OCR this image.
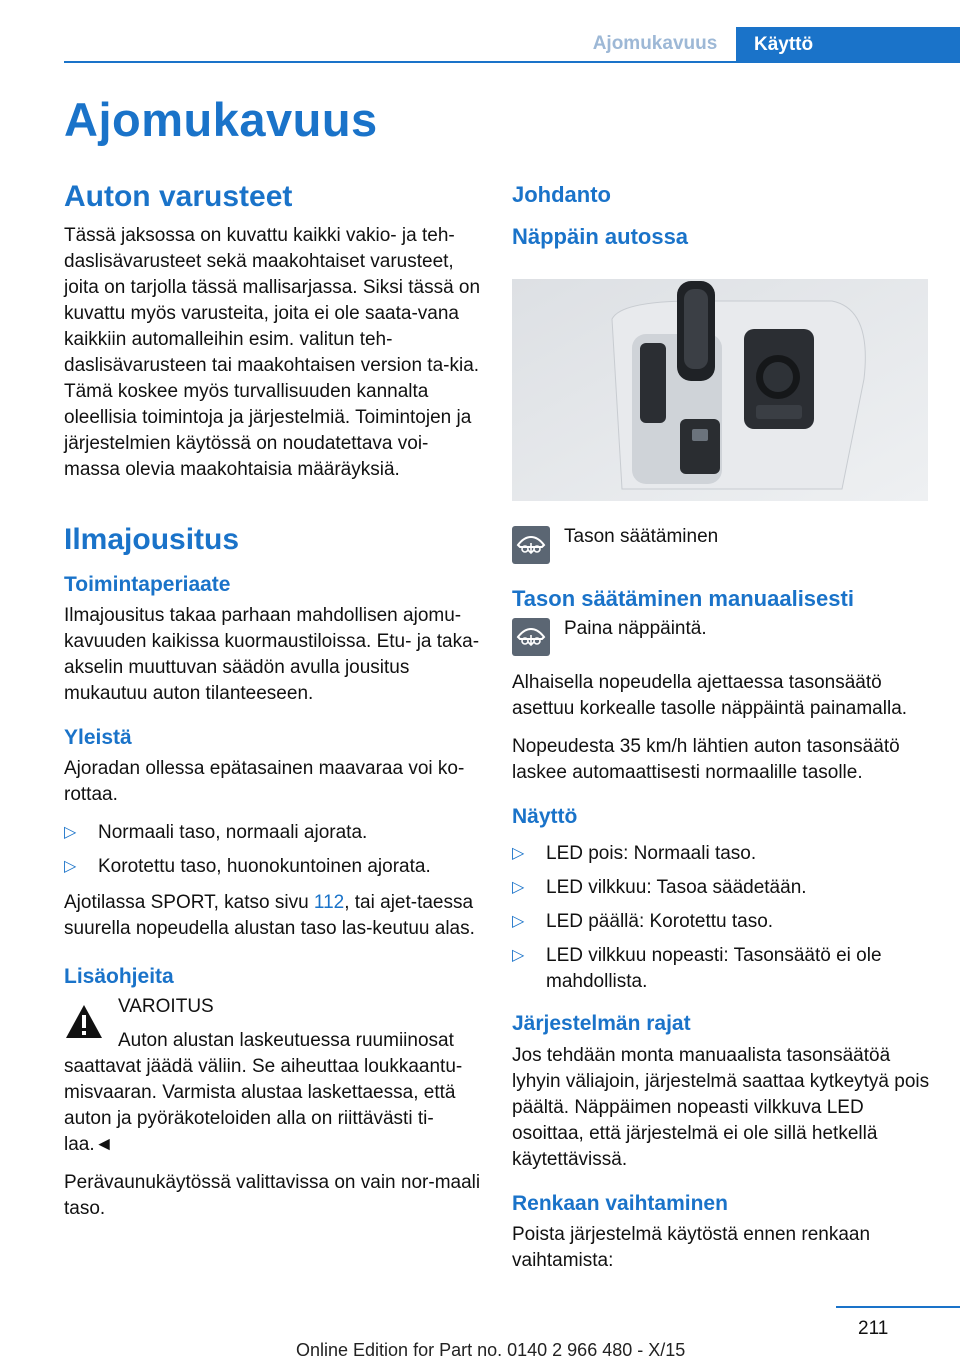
Ajomukavuus	Käyttö
Ajomukavuus
Auton varusteet

Tässä jaksossa on kuvattu kaikki vakio- ja teh-daslisävarusteet sekä maakohtaiset varusteet, joita on tarjolla tässä mallisarjassa. Siksi tässä on kuvattu myös varusteita, joita ei ole saata-vana kaikkiin automalleihin esim. valitun teh-daslisävarusteen tai maakohtaisen version ta-kia. Tämä koskee myös turvallisuuden kannalta oleellisia toimintoja ja järjestelmiä. Toimintojen ja järjestelmien käytössä on noudatettava voi-massa olevia maakohtaisia määräyksiä.

Ilmajousitus
Toimintaperiaate

Ilmajousitus takaa parhaan mahdollisen ajomu-kavuuden kaikissa kuormaustiloissa. Etu- ja taka-akselin muuttuvan säädön avulla jousitus mukautuu auton tilanteeseen.

Yleistä

Ajoradan ollessa epätasainen maavaraa voi ko-rottaa.

▷ Normaali taso, normaali ajorata.
▷ Korotettu taso, huonokuntoinen ajorata.

Ajotilassa SPORT, katso sivu 112, tai ajet-taessa suurella nopeudella alustan taso las-keutuu alas.

Lisäohjeita
VAROITUS

Auton alustan laskeutuessa ruumiinosat saattavat jäädä väliin. Se aiheuttaa loukkaantu-misvaaran. Varmista alustaa laskettaessa, että auton ja pyöräkoteloiden alla on riittävästi ti-laa.◄

Perävaunukäytössä valittavissa on vain nor-maali taso.

Johdanto
Näppäin autossa

Tason säätäminen

Tason säätäminen manuaalisesti

Paina näppäintä.

Alhaisella nopeudella ajettaessa tasonsäätö asettuu korkealle tasolle näppäintä painamalla.

Nopeudesta 35 km/h lähtien auton tasonsäätö laskee automaattisesti normaalille tasolle.

Näyttö
▷ LED pois: Normaali taso.
▷ LED vilkkuu: Tasoa säädetään.
▷ LED päällä: Korotettu taso.
▷ LED vilkkuu nopeasti: Tasonsäätö ei ole mahdollista.
Järjestelmän rajat

Jos tehdään monta manuaalista tasonsäätöä lyhyin väliajoin, järjestelmä saattaa kytkeytyä pois päältä. Näppäimen nopeasti vilkkuva LED osoittaa, että järjestelmä ei ole sillä hetkellä käytettävissä.

Renkaan vaihtaminen

Poista järjestelmä käytöstä ennen renkaan vaihtamista:

211
Online Edition for Part no. 0140 2 966 480 - X/15
